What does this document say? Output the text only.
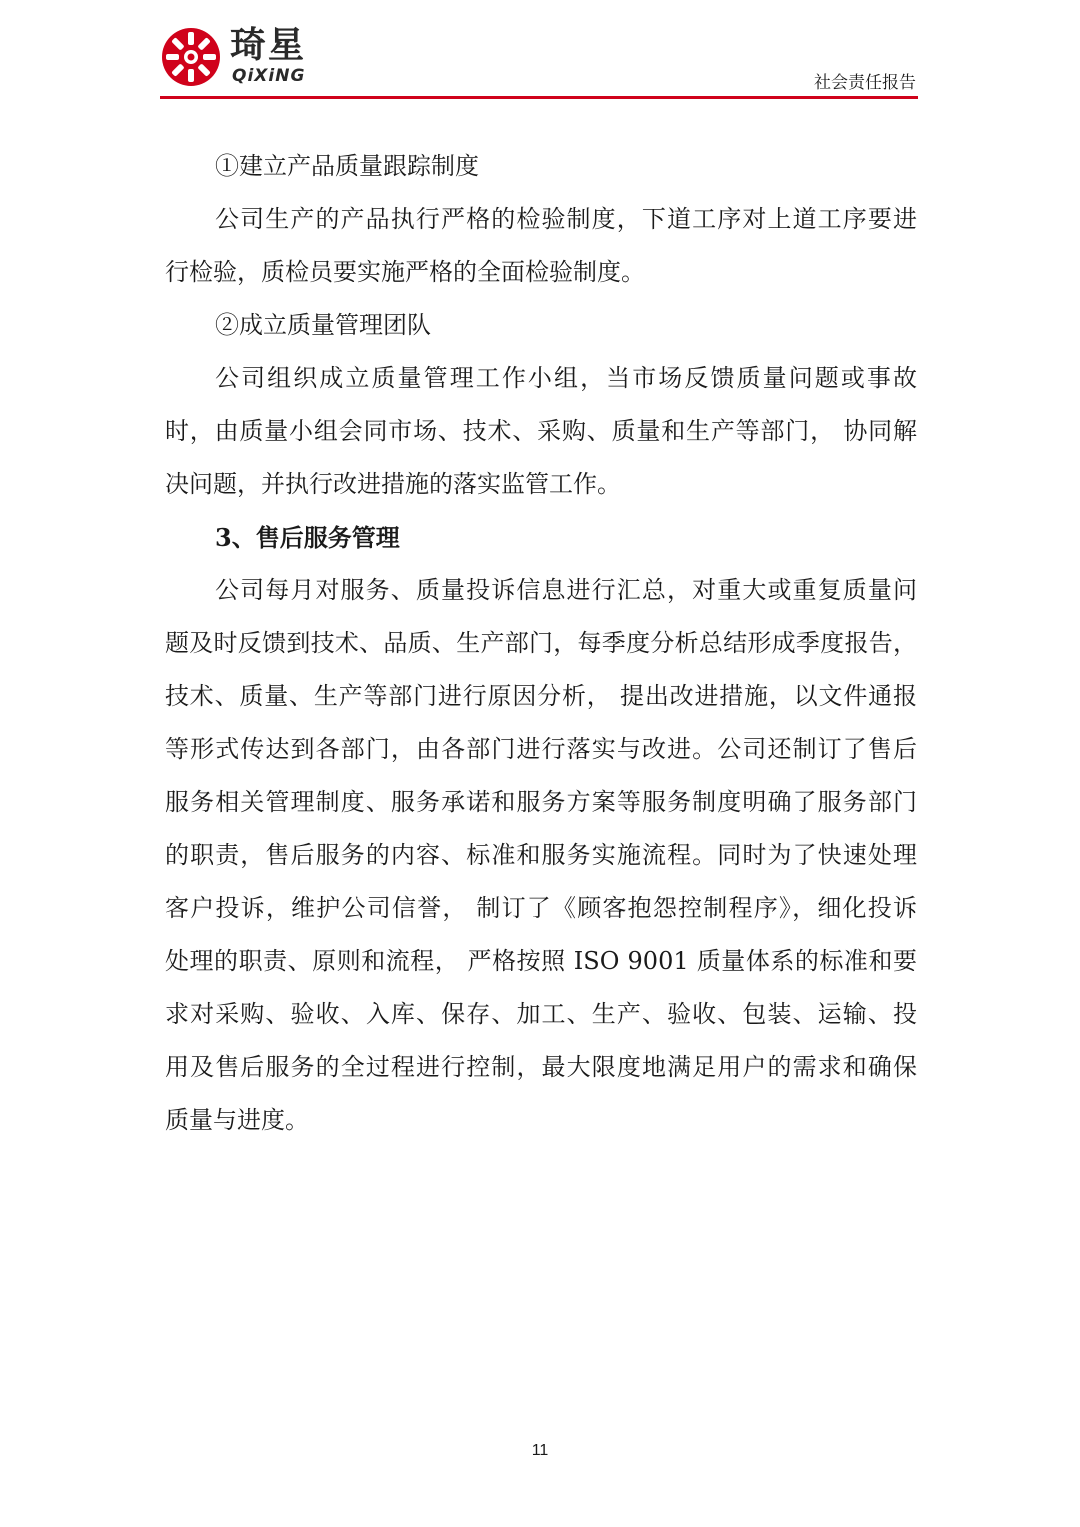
琦星
QiXiNG	社会责任报告
①建立产品质量跟踪制度
公司生产的产品执行严格的检验制度，下道工序对上道工序要进
行检验，质检员要实施严格的全面检验制度。
②成立质量管理团队
公司组织成立质量管理工作小组，当市场反馈质量问题或事故
时，由质量小组会同市场、技术、采购、质量和生产等部门， 协同解
决问题，并执行改进措施的落实监管工作。
3、售后服务管理
公司每月对服务、质量投诉信息进行汇总，对重大或重复质量问
题及时反馈到技术、品质、生产部门，每季度分析总结形成季度报告，
技术、质量、生产等部门进行原因分析， 提出改进措施，以文件通报
等形式传达到各部门，由各部门进行落实与改进。公司还制订了售后
服务相关管理制度、服务承诺和服务方案等服务制度明确了服务部门
的职责，售后服务的内容、标准和服务实施流程。同时为了快速处理
客户投诉，维护公司信誉， 制订了《顾客抱怨控制程序》，细化投诉
处理的职责、原则和流程， 严格按照 ISO 9001 质量体系的标准和要
求对采购、验收、入库、保存、加工、生产、验收、包装、运输、投
用及售后服务的全过程进行控制，最大限度地满足用户的需求和确保
质量与进度。
11
